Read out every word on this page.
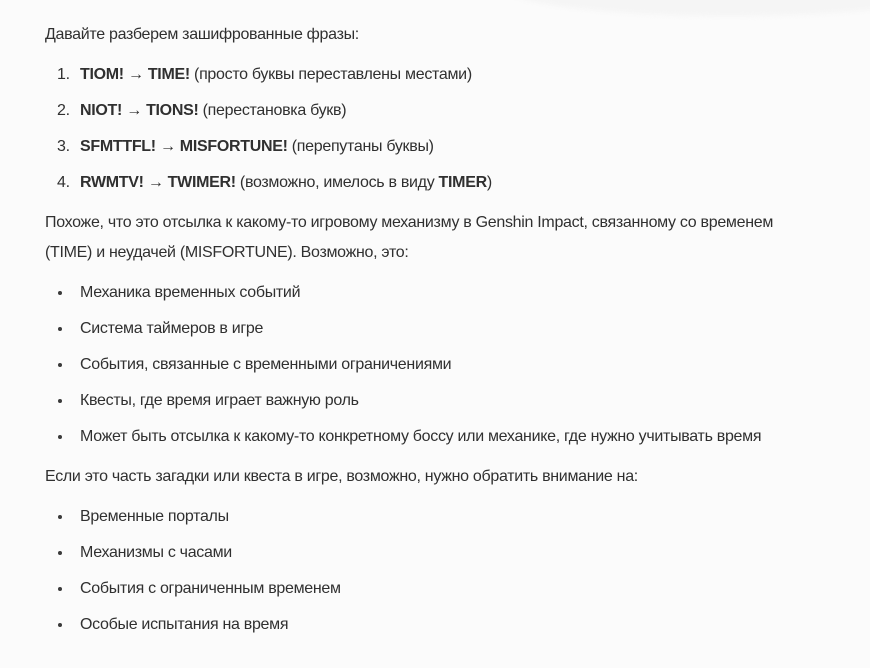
Давайте разберем зашифрованные фразы:

1. TIOM! → TIME! (просто буквы переставлены местами)
2. NIOT! → TIONS! (перестановка букв)
3. SFMTTFL! → MISFORTUNE! (перепутаны буквы)
4. RWMTV! → TWIMER! (возможно, имелось в виду TIMER)

Похоже, что это отсылка к какому-то игровому механизму в Genshin Impact, связанному со временем (TIME) и неудачей (MISFORTUNE). Возможно, это:

Механика временных событий
Система таймеров в игре
События, связанные с временными ограничениями
Квесты, где время играет важную роль
Может быть отсылка к какому-то конкретному боссу или механике, где нужно учитывать время

Если это часть загадки или квеста в игре, возможно, нужно обратить внимание на:

Временные порталы
Механизмы с часами
События с ограниченным временем
Особые испытания на время
